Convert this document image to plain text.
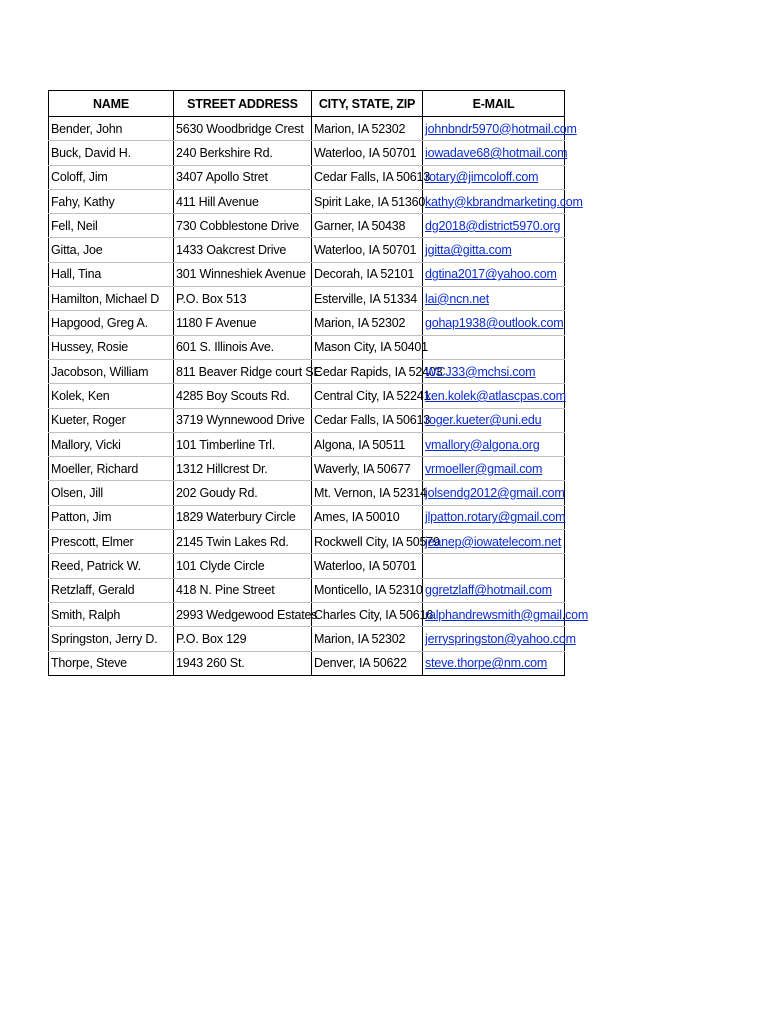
NAME	STREET ADDRESS	CITY, STATE, ZIP	E-MAIL
Bender, John	5630 Woodbridge Crest	Marion, IA 52302	johnbndr5970@hotmail.com
Buck, David H.	240 Berkshire Rd.	Waterloo, IA 50701	iowadave68@hotmail.com
Coloff, Jim	3407 Apollo Stret	Cedar Falls, IA 50613	rotary@jimcoloff.com
Fahy, Kathy	411 Hill Avenue	Spirit Lake, IA 51360	kathy@kbrandmarketing.com
Fell, Neil	730 Cobblestone Drive	Garner, IA 50438	dg2018@district5970.org
Gitta, Joe	1433 Oakcrest Drive	Waterloo, IA 50701	jgitta@gitta.com
Hall, Tina	301 Winneshiek Avenue	Decorah, IA 52101	dgtina2017@yahoo.com
Hamilton, Michael D	P.O. Box 513	Esterville, IA 51334	lai@ncn.net
Hapgood, Greg A.	1180 F Avenue	Marion, IA 52302	gohap1938@outlook.com
Hussey, Rosie	601 S. Illinois Ave.	Mason City, IA 50401	
Jacobson, William	811 Beaver Ridge court SE	Cedar Rapids, IA 52403	WCJ33@mchsi.com
Kolek, Ken	4285 Boy Scouts Rd.	Central City, IA 52241	ken.kolek@atlascpas.com
Kueter, Roger	3719 Wynnewood Drive	Cedar Falls, IA 50613	roger.kueter@uni.edu
Mallory, Vicki	101 Timberline Trl.	Algona, IA 50511	vmallory@algona.org
Moeller, Richard	1312 Hillcrest Dr.	Waverly, IA 50677	vrmoeller@gmail.com
Olsen, Jill	202 Goudy Rd.	Mt. Vernon, IA 52314	jolsendg2012@gmail.com
Patton, Jim	1829 Waterbury Circle	Ames, IA 50010	jlpatton.rotary@gmail.com
Prescott, Elmer	2145 Twin Lakes Rd.	Rockwell City, IA 50579	jeanep@iowatelecom.net
Reed, Patrick W.	101 Clyde Circle	Waterloo, IA 50701	
Retzlaff, Gerald	418 N. Pine Street	Monticello, IA 52310	ggretzlaff@hotmail.com
Smith, Ralph	2993 Wedgewood Estates	Charles City, IA 50616	ralphandrewsmith@gmail.com
Springston, Jerry D.	P.O. Box 129	Marion, IA 52302	jerryspringston@yahoo.com
Thorpe, Steve	1943 260 St.	Denver, IA 50622	steve.thorpe@nm.com
